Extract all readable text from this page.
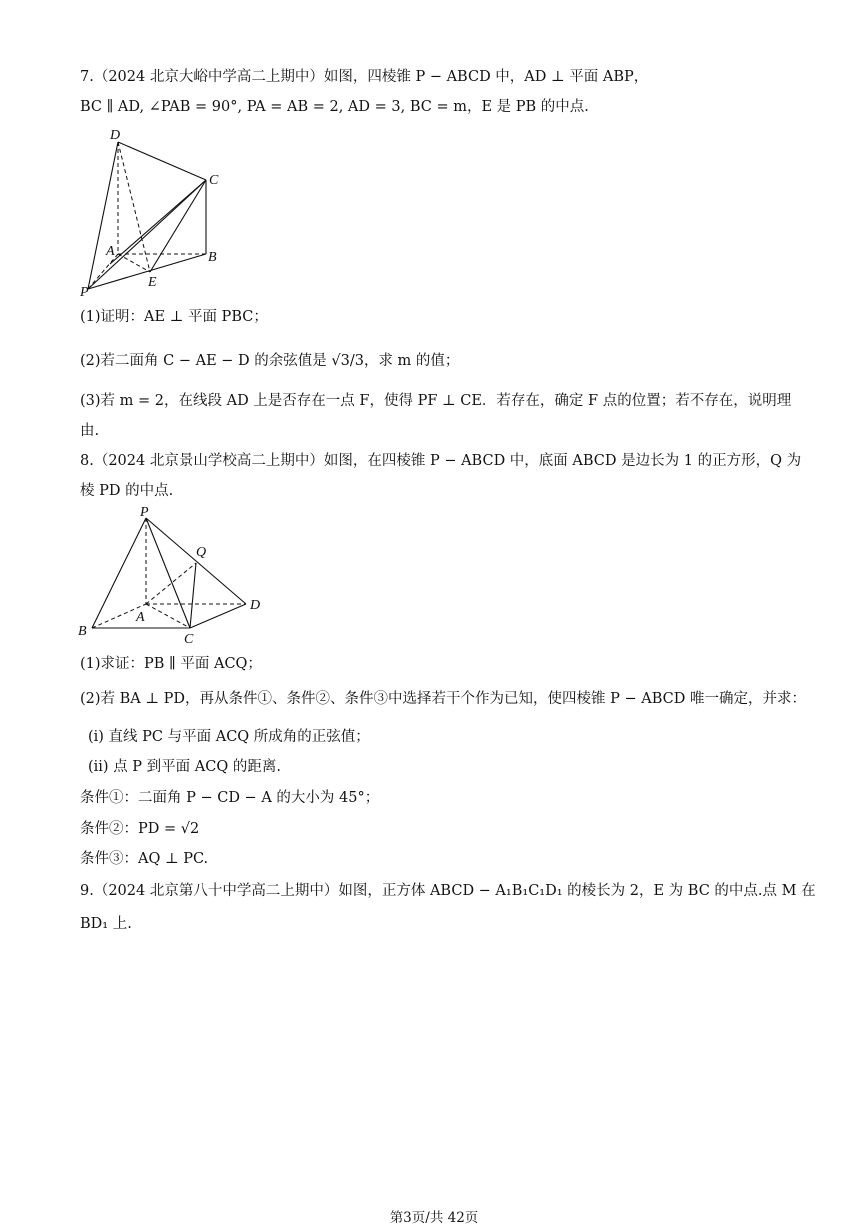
7.（2024 北京大峪中学高二上期中）如图，四棱锥 P − ABCD 中，AD ⊥ 平面 ABP，
BC ∥ AD, ∠PAB = 90°, PA = AB = 2, AD = 3, BC = m，E 是 PB 的中点.
D
C
A	B
E
P
(1)证明：AE ⊥ 平面 PBC；
(2)若二面角 C − AE − D 的余弦值是 √3/3，求 m 的值；
(3)若 m = 2，在线段 AD 上是否存在一点 F，使得 PF ⊥ CE．若存在，确定 F 点的位置；若不存在，说明理
由.
8.（2024 北京景山学校高二上期中）如图，在四棱锥 P − ABCD 中，底面 ABCD 是边长为 1 的正方形，Q 为
棱 PD 的中点.
P
Q
D
A
B
C
(1)求证：PB ∥ 平面 ACQ；
(2)若 BA ⊥ PD，再从条件①、条件②、条件③中选择若干个作为已知，使四棱锥 P − ABCD 唯一确定，并求：
(i) 直线 PC 与平面 ACQ 所成角的正弦值；
(ii) 点 P 到平面 ACQ 的距离.
条件①：二面角 P − CD − A 的大小为 45°；
条件②：PD = √2
条件③：AQ ⊥ PC.
9.（2024 北京第八十中学高二上期中）如图，正方体 ABCD − A₁B₁C₁D₁ 的棱长为 2，E 为 BC 的中点.点 M 在
BD₁ 上.
第3页/共 42页
